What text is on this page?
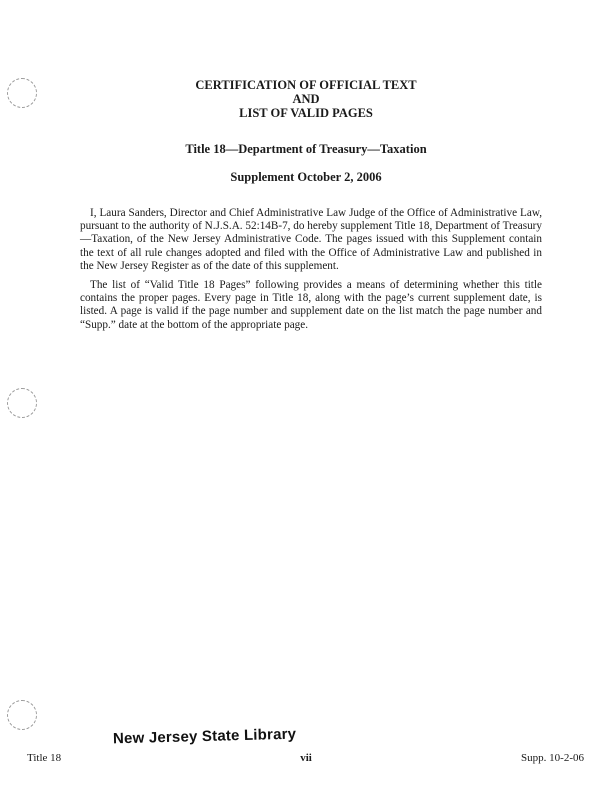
CERTIFICATION OF OFFICIAL TEXT
AND
LIST OF VALID PAGES
Title 18—Department of Treasury—Taxation
Supplement October 2, 2006

I, Laura Sanders, Director and Chief Administrative Law Judge of the Office of Administrative Law, pursuant to the authority of N.J.S.A. 52:14B-7, do hereby supplement Title 18, Department of Treasury—Taxation, of the New Jersey Administrative Code. The pages issued with this Supplement contain the text of all rule changes adopted and filed with the Office of Administrative Law and published in the New Jersey Register as of the date of this supplement.

The list of “Valid Title 18 Pages” following provides a means of determining whether this title contains the proper pages. Every page in Title 18, along with the page’s current supplement date, is listed. A page is valid if the page number and supplement date on the list match the page number and “Supp.” date at the bottom of the appropriate page.

New Jersey State Library
Title 18	vii	Supp. 10-2-06
